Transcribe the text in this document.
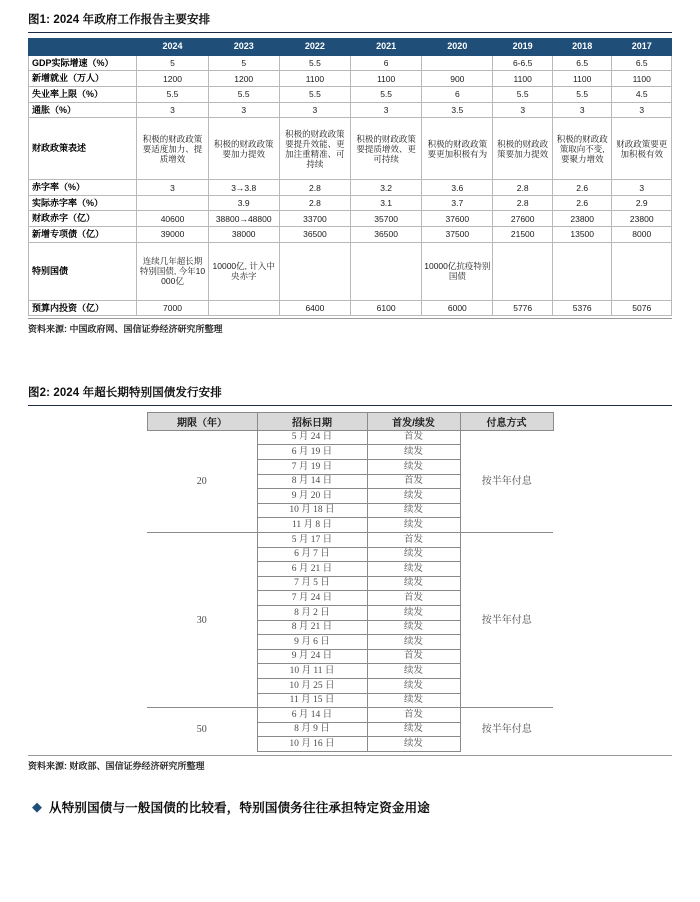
图1: 2024 年政府工作报告主要安排
	2024	2023	2022	2021	2020	2019	2018	2017
GDP实际增速（%）	5	5	5.5	6		6-6.5	6.5	6.5
新增就业（万人）	1200	1200	1100	1100	900	1100	1100	1100
失业率上限（%）	5.5	5.5	5.5	5.5	6	5.5	5.5	4.5
通胀（%）	3	3	3	3	3.5	3	3	3
财政政策表述	积极的财政政策要适度加力、提质增效	积极的财政政策要加力提效	积极的财政政策要提升效能、更加注重精准、可持续	积极的财政政策要提质增效、更可持续	积极的财政政策要更加积极有为	积极的财政政策要加力提效	积极的财政政策取向不变, 要聚力增效	财政政策要更加积极有效
赤字率（%）	3	3→3.8	2.8	3.2	3.6	2.8	2.6	3
实际赤字率（%）		3.9	2.8	3.1	3.7	2.8	2.6	2.9
财政赤字（亿）	40600	38800→48800	33700	35700	37600	27600	23800	23800
新增专项债（亿）	39000	38000	36500	36500	37500	21500	13500	8000
特别国债	连续几年超长期特别国债, 今年10000亿	10000亿, 计入中央赤字			10000亿抗疫特别国债			
预算内投资（亿）	7000		6400	6100	6000	5776	5376	5076

资料来源: 中国政府网、国信证券经济研究所整理

图2: 2024 年超长期特别国债发行安排
期限（年）	招标日期	首发/续发	付息方式
20	5 月 24 日	首发	按半年付息
	6 月 19 日	续发	
	7 月 19 日	续发	
	8 月 14 日	首发	
	9 月 20 日	续发	
	10 月 18 日	续发	
	11 月 8 日	续发	
30	5 月 17 日	首发	按半年付息
	6 月 7 日	续发	
	6 月 21 日	续发	
	7 月 5 日	续发	
	7 月 24 日	首发	
	8 月 2 日	续发	
	8 月 21 日	续发	
	9 月 6 日	续发	
	9 月 24 日	首发	
	10 月 11 日	续发	
	10 月 25 日	续发	
	11 月 15 日	续发	
50	6 月 14 日	首发	按半年付息
	8 月 9 日	续发	
	10 月 16 日	续发	

资料来源: 财政部、国信证券经济研究所整理

◆ 从特别国债与一般国债的比较看，特别国债务往往承担特定资金用途
